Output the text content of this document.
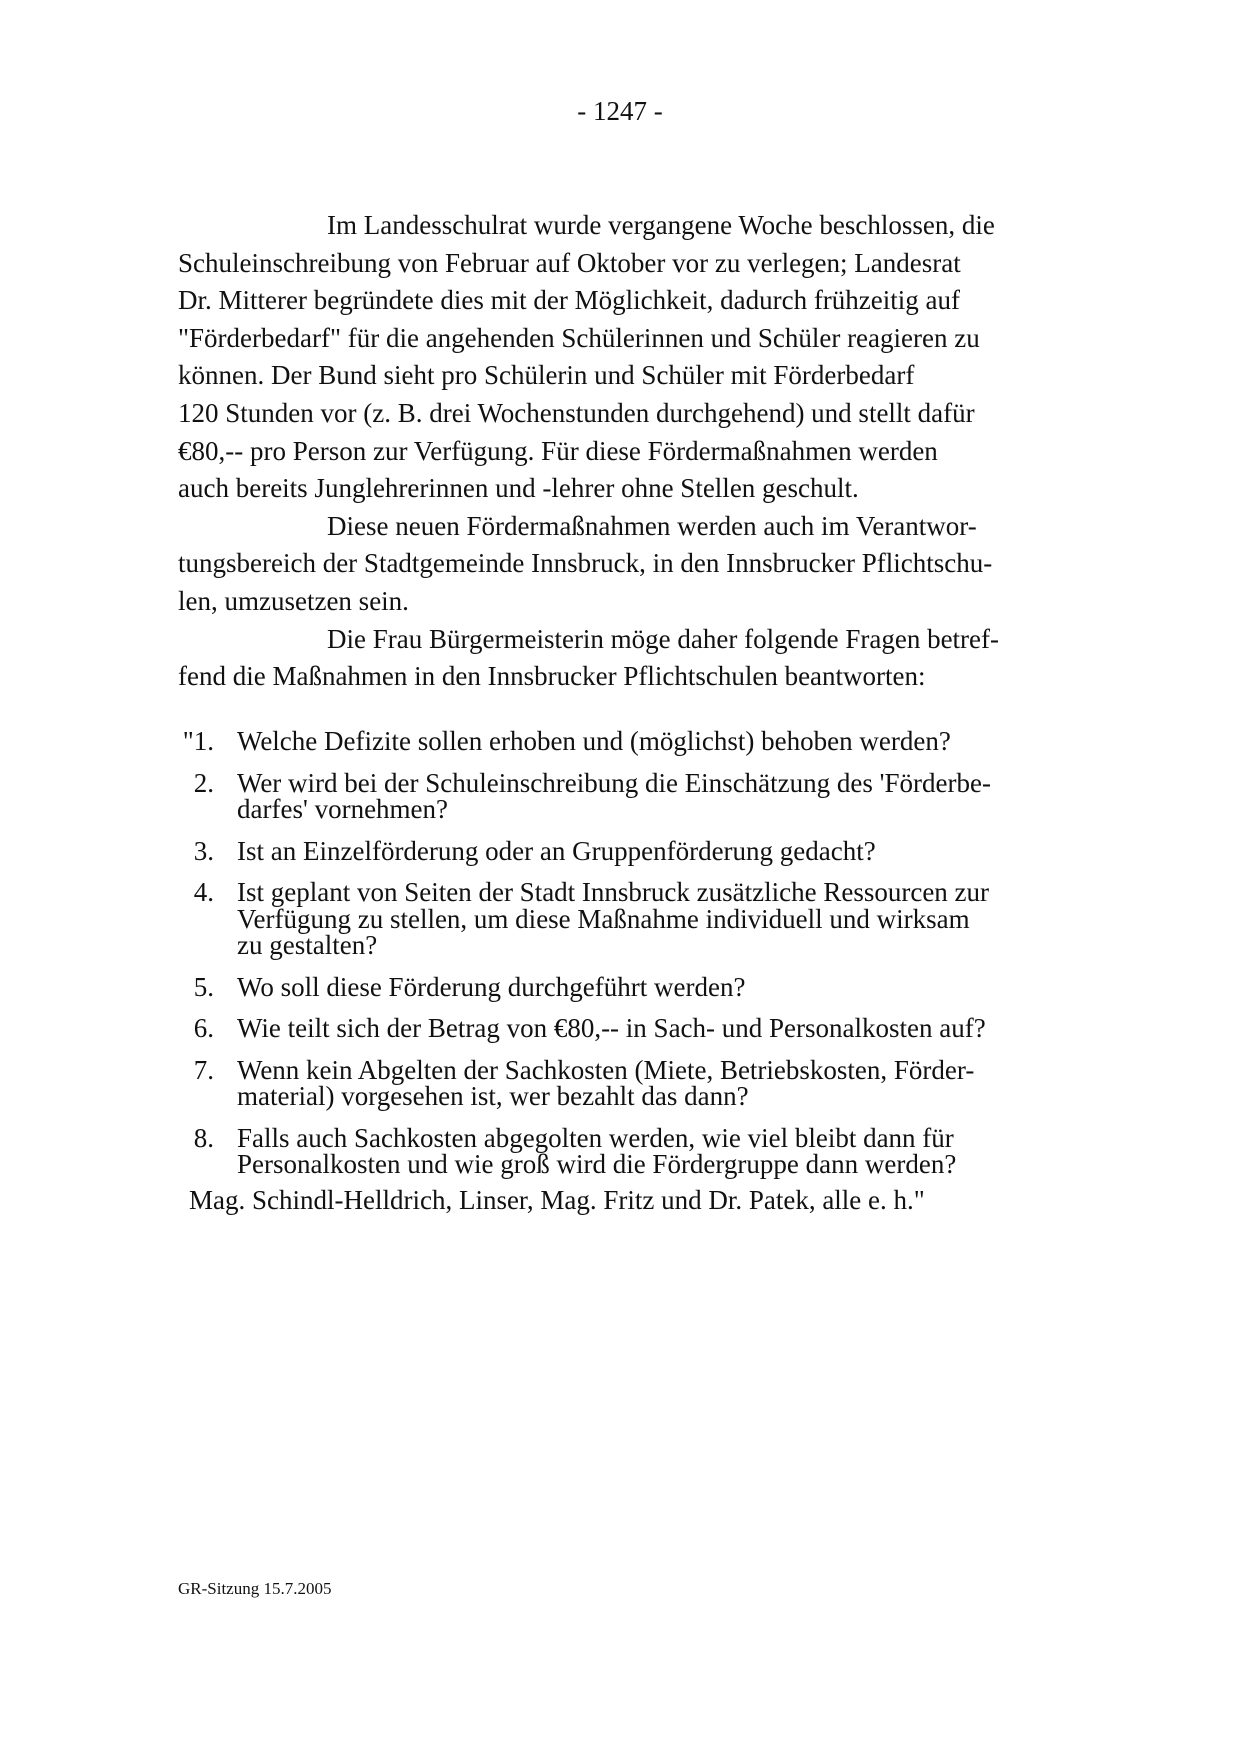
- 1247 -
Im Landesschulrat wurde vergangene Woche beschlossen, die
Schuleinschreibung von Februar auf Oktober vor zu verlegen; Landesrat
Dr. Mitterer begründete dies mit der Möglichkeit, dadurch frühzeitig auf
"Förderbedarf" für die angehenden Schülerinnen und Schüler reagieren zu
können. Der Bund sieht pro Schülerin und Schüler mit Förderbedarf
120 Stunden vor (z. B. drei Wochenstunden durchgehend) und stellt dafür
€80,-- pro Person zur Verfügung. Für diese Fördermaßnahmen werden
auch bereits Junglehrerinnen und -lehrer ohne Stellen geschult.
Diese neuen Fördermaßnahmen werden auch im Verantwor-
tungsbereich der Stadtgemeinde Innsbruck, in den Innsbrucker Pflichtschu-
len, umzusetzen sein.
Die Frau Bürgermeisterin möge daher folgende Fragen betref-
fend die Maßnahmen in den Innsbrucker Pflichtschulen beantworten:
"1. Welche Defizite sollen erhoben und (möglichst) behoben werden?
2. Wer wird bei der Schuleinschreibung die Einschätzung des 'Förderbe-
darfes' vornehmen?
3. Ist an Einzelförderung oder an Gruppenförderung gedacht?
4. Ist geplant von Seiten der Stadt Innsbruck zusätzliche Ressourcen zur
Verfügung zu stellen, um diese Maßnahme individuell und wirksam
zu gestalten?
5. Wo soll diese Förderung durchgeführt werden?
6. Wie teilt sich der Betrag von €80,-- in Sach- und Personalkosten auf?
7. Wenn kein Abgelten der Sachkosten (Miete, Betriebskosten, Förder-
material) vorgesehen ist, wer bezahlt das dann?
8. Falls auch Sachkosten abgegolten werden, wie viel bleibt dann für
Personalkosten und wie groß wird die Fördergruppe dann werden?
Mag. Schindl-Helldrich, Linser, Mag. Fritz und Dr. Patek, alle e. h."
GR-Sitzung 15.7.2005
